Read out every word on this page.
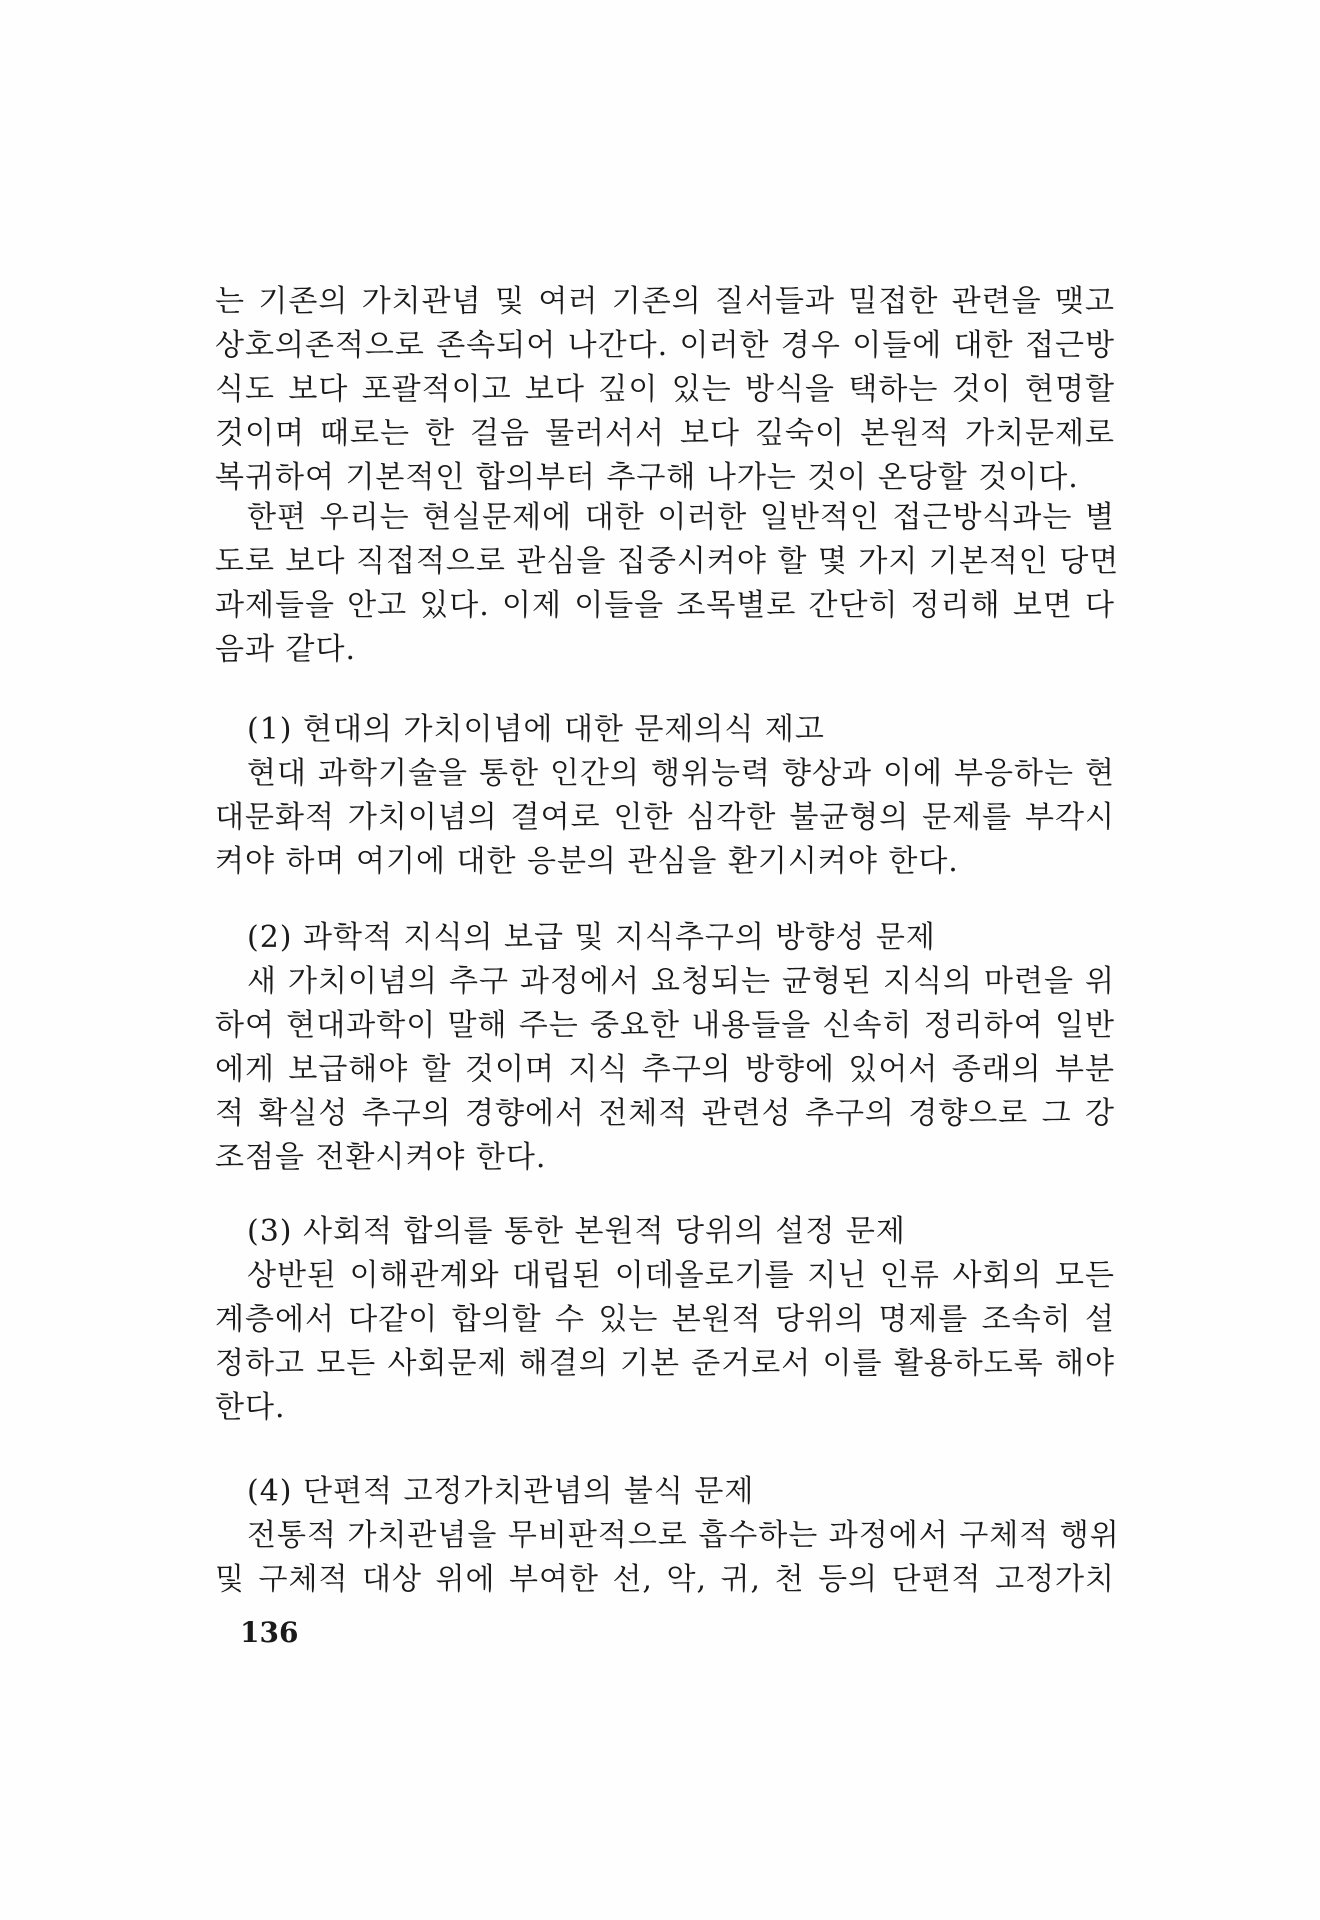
는 기존의 가치관념 및 여러 기존의 질서들과 밀접한 관련을 맺고
상호의존적으로 존속되어 나간다. 이러한 경우 이들에 대한 접근방
식도 보다 포괄적이고 보다 깊이 있는 방식을 택하는 것이 현명할
것이며 때로는 한 걸음 물러서서 보다 깊숙이 본원적 가치문제로
복귀하여 기본적인 합의부터 추구해 나가는 것이 온당할 것이다.
한편 우리는 현실문제에 대한 이러한 일반적인 접근방식과는 별
도로 보다 직접적으로 관심을 집중시켜야 할 몇 가지 기본적인 당면
과제들을 안고 있다. 이제 이들을 조목별로 간단히 정리해 보면 다
음과 같다.
(1) 현대의 가치이념에 대한 문제의식 제고
현대 과학기술을 통한 인간의 행위능력 향상과 이에 부응하는 현
대문화적 가치이념의 결여로 인한 심각한 불균형의 문제를 부각시
켜야 하며 여기에 대한 응분의 관심을 환기시켜야 한다.
(2) 과학적 지식의 보급 및 지식추구의 방향성 문제
새 가치이념의 추구 과정에서 요청되는 균형된 지식의 마련을 위
하여 현대과학이 말해 주는 중요한 내용들을 신속히 정리하여 일반
에게 보급해야 할 것이며 지식 추구의 방향에 있어서 종래의 부분
적 확실성 추구의 경향에서 전체적 관련성 추구의 경향으로 그 강
조점을 전환시켜야 한다.
(3) 사회적 합의를 통한 본원적 당위의 설정 문제
상반된 이해관계와 대립된 이데올로기를 지닌 인류 사회의 모든
계층에서 다같이 합의할 수 있는 본원적 당위의 명제를 조속히 설
정하고 모든 사회문제 해결의 기본 준거로서 이를 활용하도록 해야
한다.
(4) 단편적 고정가치관념의 불식 문제
전통적 가치관념을 무비판적으로 흡수하는 과정에서 구체적 행위
및 구체적 대상 위에 부여한 선, 악, 귀, 천 등의 단편적 고정가치
136
